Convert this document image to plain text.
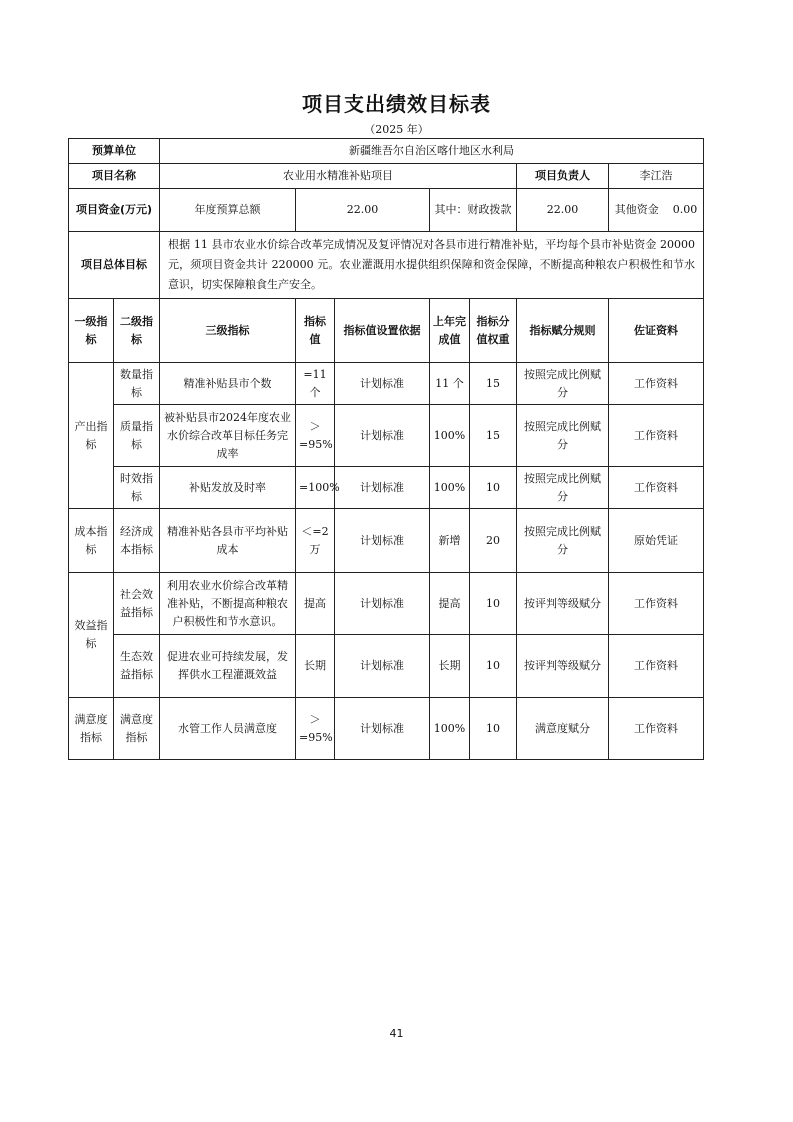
项目支出绩效目标表
（2025 年）
预算单位		新疆维吾尔自治区喀什地区水利局						
项目名称		农业用水精准补贴项目					项目负责人	李江浩
项目资金(万元)		年度预算总额	22.00		其中：财政拨款		22.00	其他资金 0.00
项目总体目标		根据 11 县市农业水价综合改革完成情况及复评情况对各县市进行精准补贴，平均每个县市补贴资金 20000 元，须项目资金共计 220000 元。农业灌溉用水提供组织保障和资金保障，不断提高种粮农户积极性和节水意识，切实保障粮食生产安全。						
一级指标	二级指标	三级指标	指标值	指标值设置依据	上年完成值	指标分值权重	指标赋分规则	佐证资料
产出指标	数量指标	精准补贴县市个数	=11 个	计划标准	11 个	15	按照完成比例赋分	工作资料
	质量指标	被补贴县市2024年度农业水价综合改革目标任务完成率	＞=95%	计划标准	100%	15	按照完成比例赋分	工作资料
	时效指标	补贴发放及时率	=100%	计划标准	100%	10	按照完成比例赋分	工作资料
成本指标	经济成本指标	精准补贴各县市平均补贴成本	＜=2 万	计划标准	新增	20	按照完成比例赋分	原始凭证
效益指标	社会效益指标	利用农业水价综合改革精准补贴，不断提高种粮农户积极性和节水意识。	提高	计划标准	提高	10	按评判等级赋分	工作资料
	生态效益指标	促进农业可持续发展，发挥供水工程灌溉效益	长期	计划标准	长期	10	按评判等级赋分	工作资料
满意度指标	满意度指标	水管工作人员满意度	＞=95%	计划标准	100%	10	满意度赋分	工作资料
41
